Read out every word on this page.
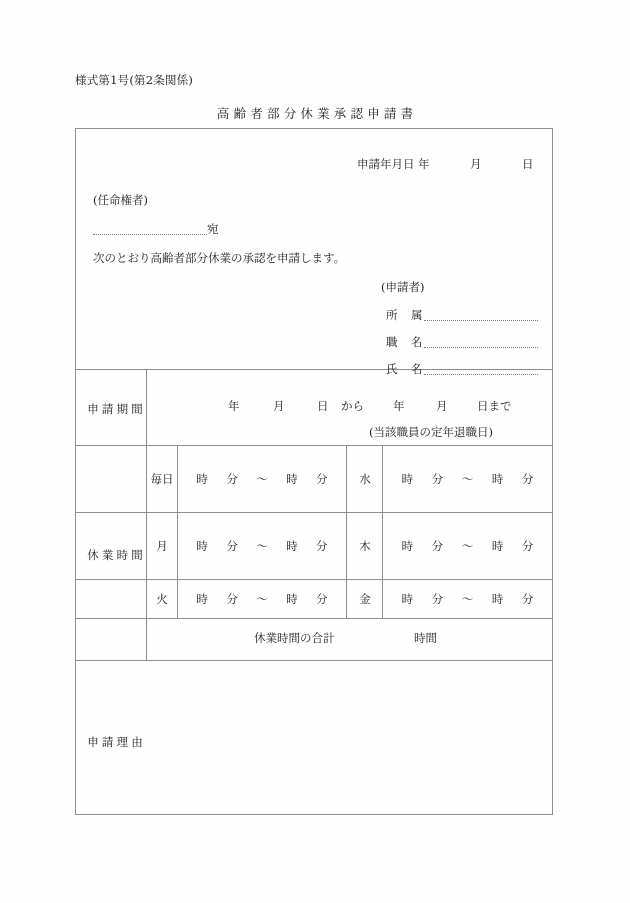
様式第1号(第2条関係)
高齢者部分休業承認申請書
申請年月日 年	月	日
(任命権者)
宛
次のとおり高齢者部分休業の承認を申請します。
(申請者)
所　属
職　名
氏　名
申請期間	年	月	日 から	年	月	日まで
(当該職員の定年退職日)
休業時間
毎日	時 分 〜 時 分	水	時 分 〜 時 分
月	時 分 〜 時 分	木	時 分 〜 時 分
火	時 分 〜 時 分	金	時 分 〜 時 分
休業時間の合計	時間
申請理由
